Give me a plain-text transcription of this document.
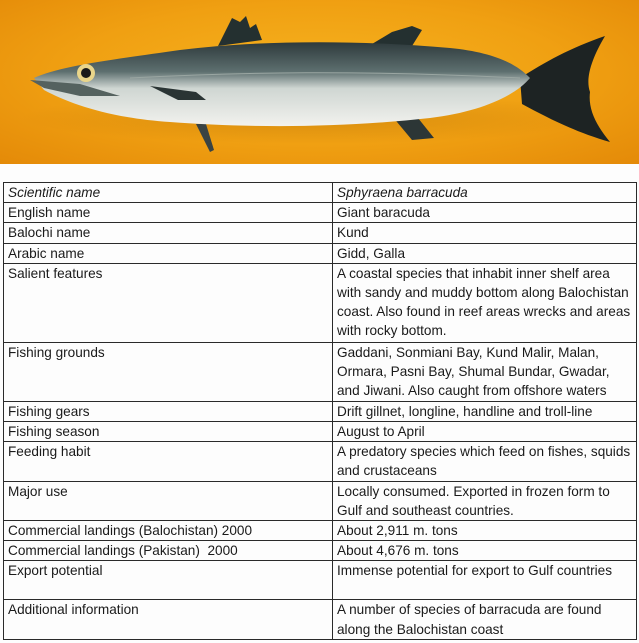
Scientific name	Sphyraena barracuda
English name	Giant baracuda
Balochi name	Kund
Arabic name	Gidd, Galla
Salient features	A coastal species that inhabit inner shelf area with sandy and muddy bottom along Balochistan coast. Also found in reef areas wrecks and areas with rocky bottom.
Fishing grounds	Gaddani, Sonmiani Bay, Kund Malir, Malan, Ormara, Pasni Bay, Shumal Bundar, Gwadar, and Jiwani. Also caught from offshore waters
Fishing gears	Drift gillnet, longline, handline and troll-line
Fishing season	August to April
Feeding habit	A predatory species which feed on fishes, squids and crustaceans
Major use	Locally consumed. Exported in frozen form to Gulf and southeast countries.
Commercial landings (Balochistan) 2000	About 2,911 m. tons
Commercial landings (Pakistan)  2000	About 4,676 m. tons
Export potential	Immense potential for export to Gulf countries
Additional information	A number of species of barracuda are found along the Balochistan coast
